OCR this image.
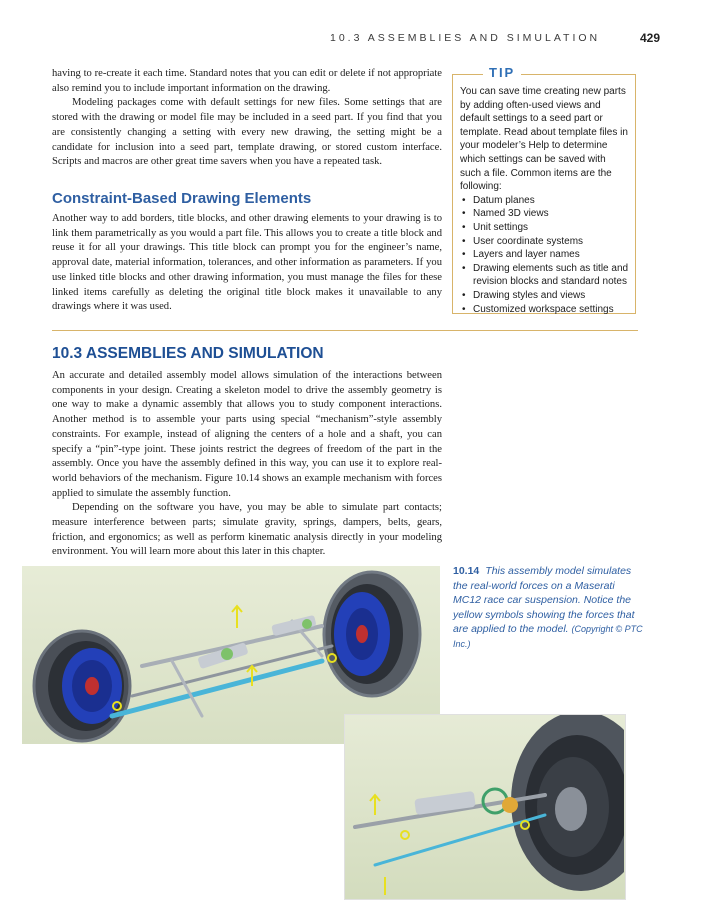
10.3 ASSEMBLIES AND SIMULATION	429

having to re-create it each time. Standard notes that you can edit or delete if not appropriate also remind you to include important information on the drawing.

Modeling packages come with default settings for new files. Some settings that are stored with the drawing or model file may be included in a seed part. If you find that you are consistently changing a setting with every new drawing, the setting might be a candidate for inclusion into a seed part, template drawing, or stored custom interface. Scripts and macros are other great time savers when you have a repeated task.

Constraint-Based Drawing Elements

Another way to add borders, title blocks, and other drawing elements to your drawing is to link them parametrically as you would a part file. This allows you to create a title block and reuse it for all your drawings. This title block can prompt you for the engineer’s name, approval date, material information, tolerances, and other information as parameters. If you use linked title blocks and other drawing information, you must manage the files for these linked items carefully as deleting the original title block makes it unavailable to any drawings where it was used.

TIP
You can save time creating new parts by adding often-used views and default settings to a seed part or template. Read about template files in your modeler’s Help to determine which settings can be saved with such a file. Common items are the following:
• Datum planes
• Named 3D views
• Unit settings
• User coordinate systems
• Layers and layer names
• Drawing elements such as title and revision blocks and standard notes
• Drawing styles and views
• Customized workspace settings
10.3 ASSEMBLIES AND SIMULATION

An accurate and detailed assembly model allows simulation of the interactions between components in your design. Creating a skeleton model to drive the assembly geometry is one way to make a dynamic assembly that allows you to study component interactions. Another method is to assemble your parts using special “mechanism”-style assembly constraints. For example, instead of aligning the centers of a hole and a shaft, you can specify a “pin”-type joint. These joints restrict the degrees of freedom of the part in the assembly. Once you have the assembly defined in this way, you can use it to explore real-world behaviors of the mechanism. Figure 10.14 shows an example mechanism with forces applied to simulate the assembly function.

Depending on the software you have, you may be able to simulate part contacts; measure interference between parts; simulate gravity, springs, dampers, belts, gears, friction, and ergonomics; as well as perform kinematic analysis directly in your modeling environment. You will learn more about this later in this chapter.

10.14 This assembly model simulates the real-world forces on a Maserati MC12 race car suspension. Notice the yellow symbols showing the forces that are applied to the model. (Copyright © PTC Inc.)
